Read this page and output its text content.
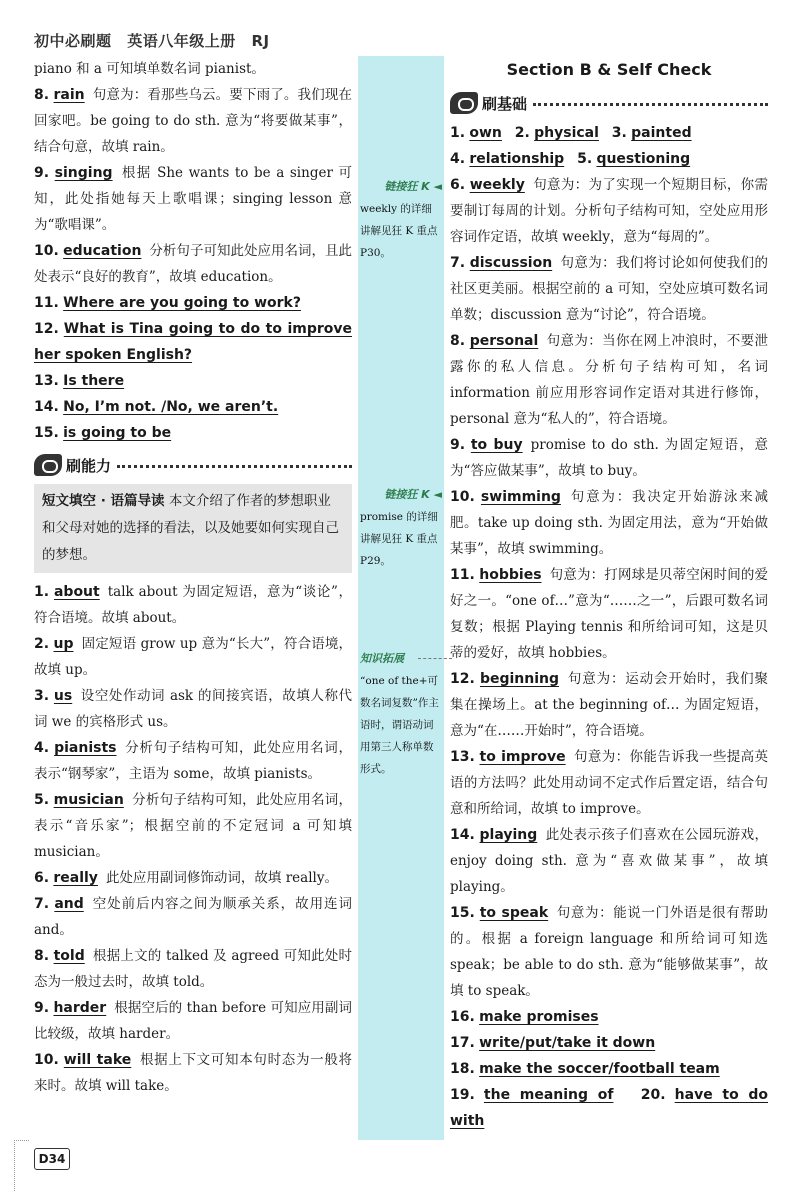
初中必刷题 英语八年级上册 RJ

piano 和 a 可知填单数名词 pianist。

8. rain 句意为：看那些乌云。要下雨了。我们现在回家吧。be going to do sth. 意为“将要做某事”，结合句意，故填 rain。

9. singing 根据 She wants to be a singer 可知，此处指她每天上歌唱课；singing lesson 意为“歌唱课”。

10. education 分析句子可知此处应用名词，且此处表示“良好的教育”，故填 education。

11. Where are you going to work?

12. What is Tina going to do to improve her spoken English?

13. Is there

14. No, I’m not. /No, we aren’t.

15. is going to be

刷能力
短文填空 · 语篇导读 本文介绍了作者的梦想职业和父母对她的选择的看法，以及她要如何实现自己的梦想。

1. about talk about 为固定短语，意为“谈论”，符合语境。故填 about。

2. up 固定短语 grow up 意为“长大”，符合语境，故填 up。

3. us 设空处作动词 ask 的间接宾语，故填人称代词 we 的宾格形式 us。

4. pianists 分析句子结构可知，此处应用名词，表示“钢琴家”，主语为 some，故填 pianists。

5. musician 分析句子结构可知，此处应用名词，表示“音乐家”；根据空前的不定冠词 a 可知填 musician。

6. really 此处应用副词修饰动词，故填 really。

7. and 空处前后内容之间为顺承关系，故用连词 and。

8. told 根据上文的 talked 及 agreed 可知此处时态为一般过去时，故填 told。

9. harder 根据空后的 than before 可知应用副词比较级，故填 harder。

10. will take 根据上下文可知本句时态为一般将来时。故填 will take。

链接狂 K ◄
weekly 的详细讲解见狂 K 重点 P30。
链接狂 K ◄
promise 的详细讲解见狂 K 重点 P29。
知识拓展
“one of the+可数名词复数”作主语时，谓语动词用第三人称单数形式。

Section B & Self Check

刷基础

1. own 2. physical 3. painted

4. relationship 5. questioning

6. weekly 句意为：为了实现一个短期目标，你需要制订每周的计划。分析句子结构可知，空处应用形容词作定语，故填 weekly，意为“每周的”。

7. discussion 句意为：我们将讨论如何使我们的社区更美丽。根据空前的 a 可知，空处应填可数名词单数；discussion 意为“讨论”，符合语境。

8. personal 句意为：当你在网上冲浪时，不要泄露你的私人信息。分析句子结构可知，名词 information 前应用形容词作定语对其进行修饰，personal 意为“私人的”，符合语境。

9. to buy promise to do sth. 为固定短语，意为“答应做某事”，故填 to buy。

10. swimming 句意为：我决定开始游泳来减肥。take up doing sth. 为固定用法，意为“开始做某事”，故填 swimming。

11. hobbies 句意为：打网球是贝蒂空闲时间的爱好之一。“one of…”意为“……之一”，后跟可数名词复数；根据 Playing tennis 和所给词可知，这是贝蒂的爱好，故填 hobbies。

12. beginning 句意为：运动会开始时，我们聚集在操场上。at the beginning of… 为固定短语，意为“在……开始时”，符合语境。

13. to improve 句意为：你能告诉我一些提高英语的方法吗？此处用动词不定式作后置定语，结合句意和所给词，故填 to improve。

14. playing 此处表示孩子们喜欢在公园玩游戏，enjoy doing sth. 意为“喜欢做某事”，故填 playing。

15. to speak 句意为：能说一门外语是很有帮助的。根据 a foreign language 和所给词可知选 speak；be able to do sth. 意为“能够做某事”，故填 to speak。

16. make promises

17. write/put/take it down

18. make the soccer/football team

19. the meaning of 20. have to do with

D34
